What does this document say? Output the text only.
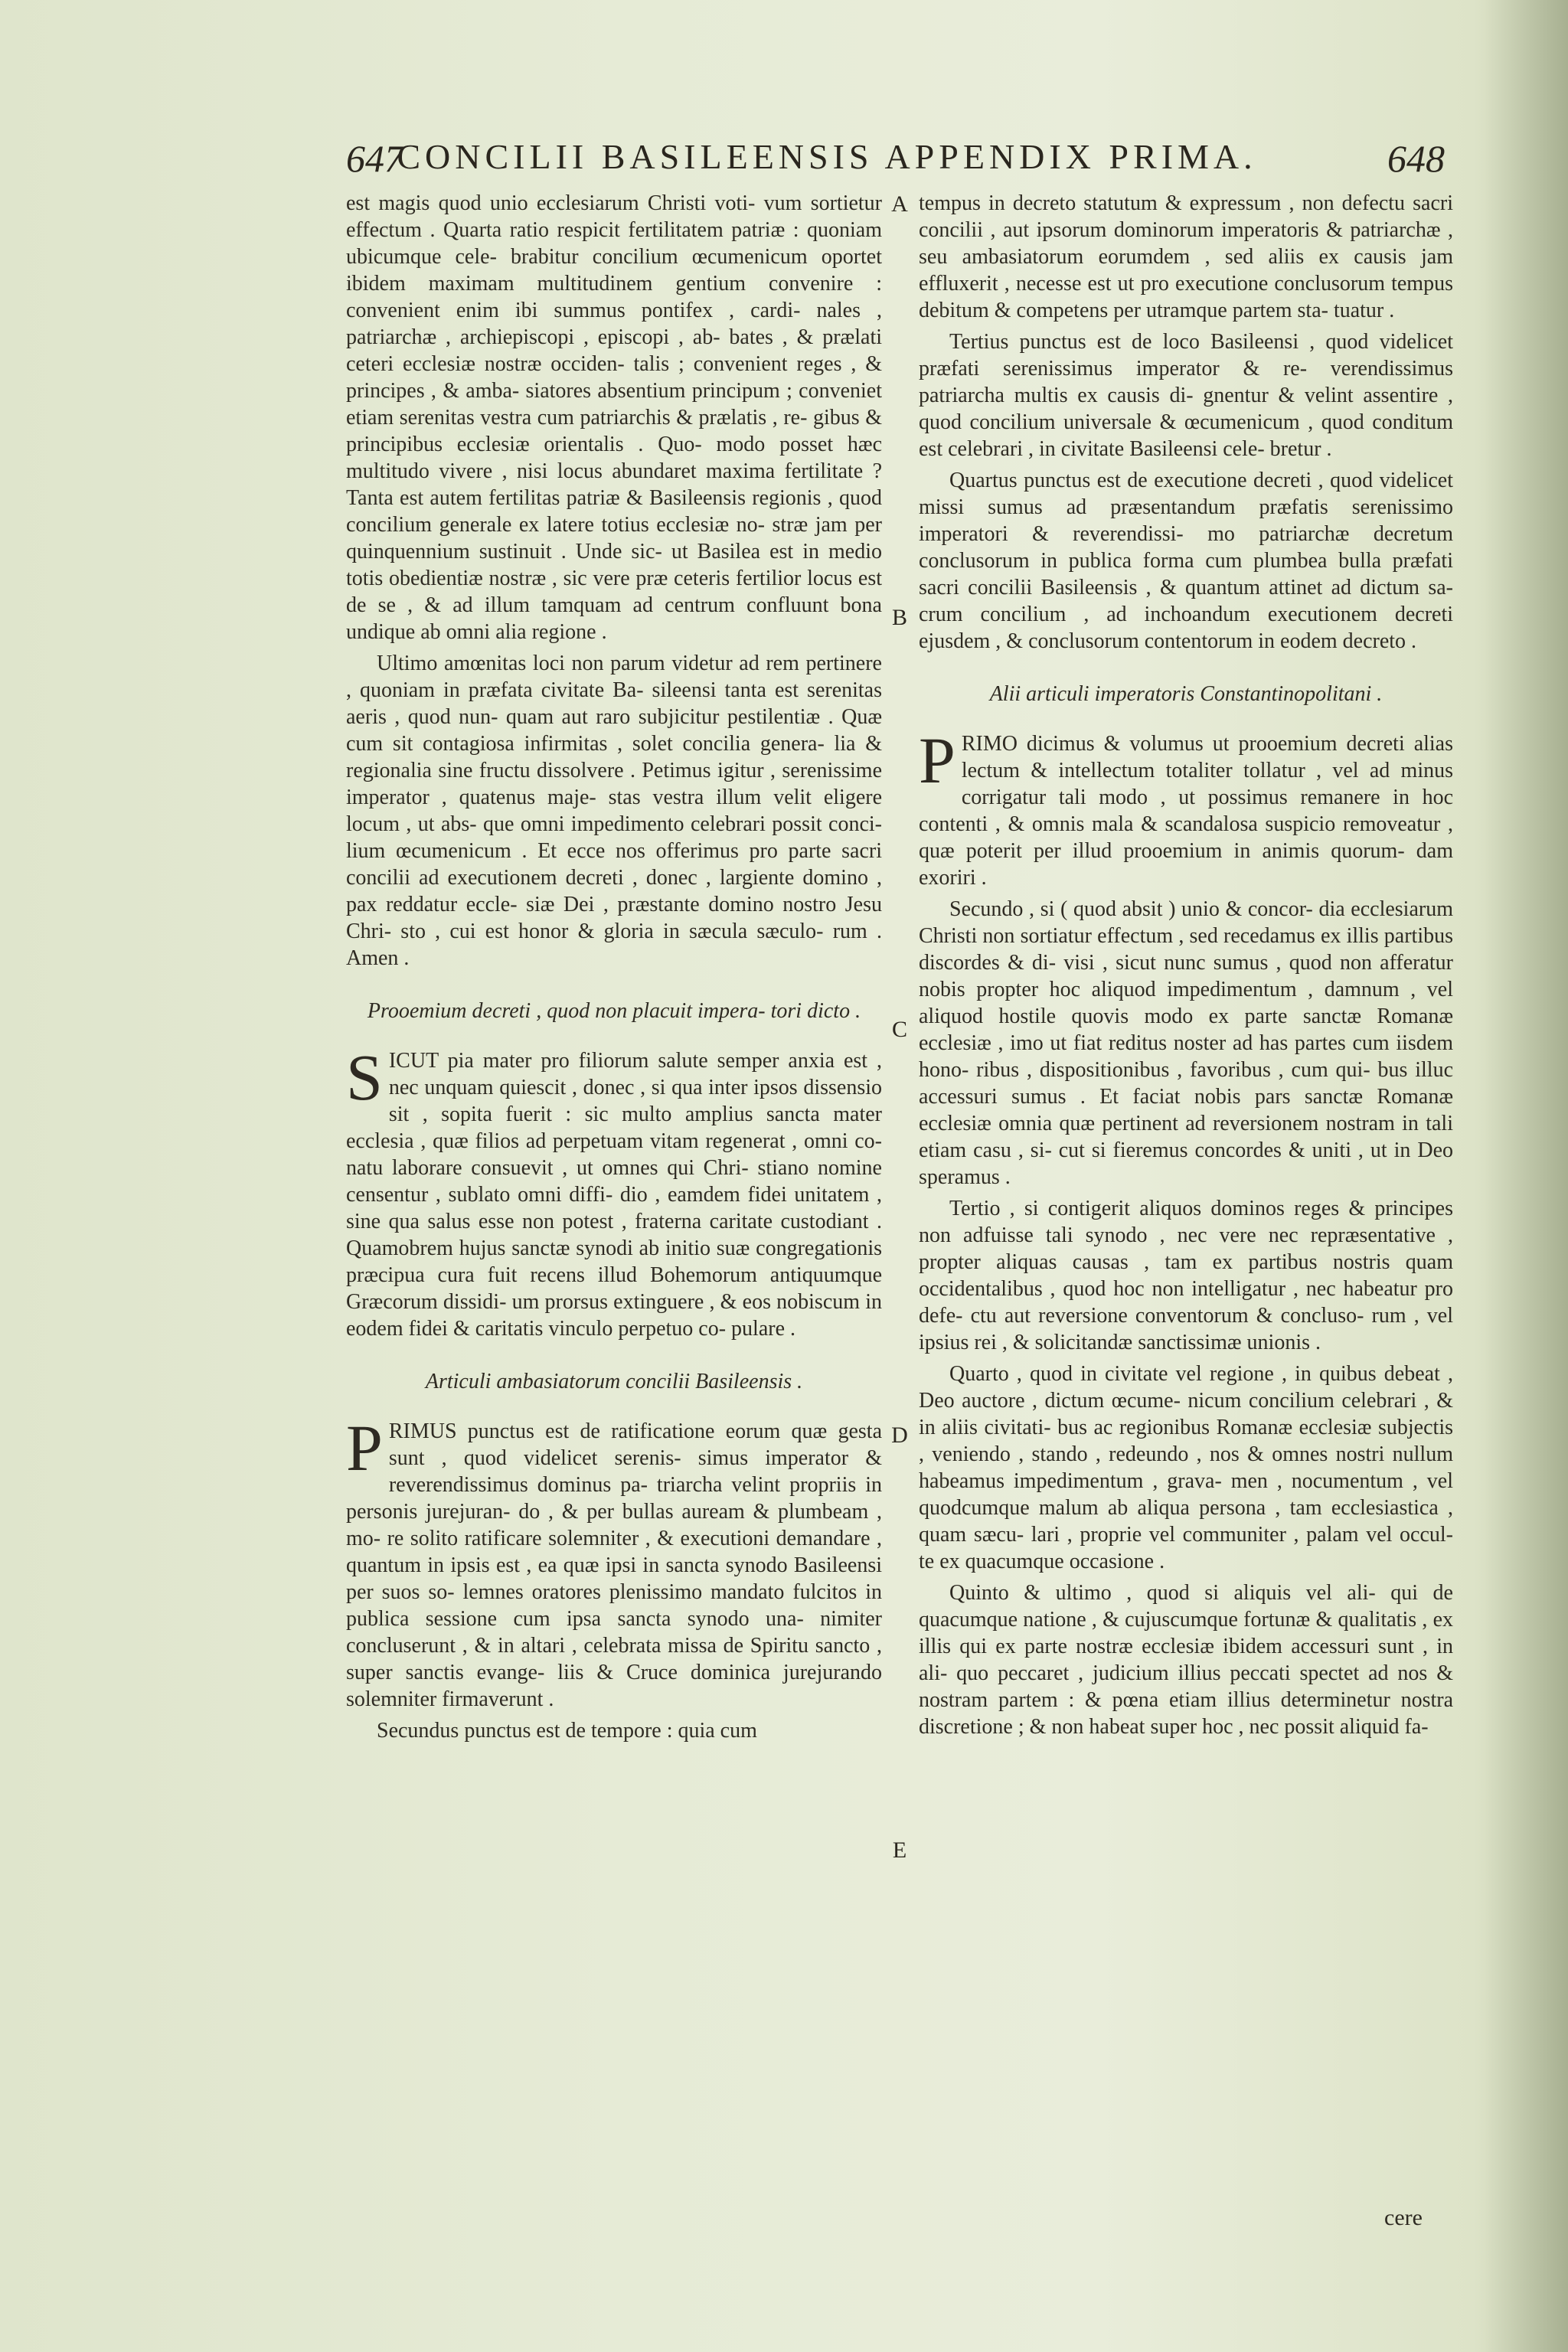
647
CONCILII BASILEENSIS APPENDIX PRIMA.	648
A
B
C
D
E

est magis quod unio ecclesiarum Christi voti- vum sortietur effectum . Quarta ratio respicit fertilitatem patriæ : quoniam ubicumque cele- brabitur concilium œcumenicum oportet ibidem maximam multitudinem gentium convenire : convenient enim ibi summus pontifex , cardi- nales , patriarchæ , archiepiscopi , episcopi , ab- bates , & prælati ceteri ecclesiæ nostræ occiden- talis ; convenient reges , & principes , & amba- siatores absentium principum ; conveniet etiam serenitas vestra cum patriarchis & prælatis , re- gibus & principibus ecclesiæ orientalis . Quo- modo posset hæc multitudo vivere , nisi locus abundaret maxima fertilitate ? Tanta est autem fertilitas patriæ & Basileensis regionis , quod concilium generale ex latere totius ecclesiæ no- stræ jam per quinquennium sustinuit . Unde sic- ut Basilea est in medio totis obedientiæ nostræ , sic vere præ ceteris fertilior locus est de se , & ad illum tamquam ad centrum confluunt bona undique ab omni alia regione .

Ultimo amœnitas loci non parum videtur ad rem pertinere , quoniam in præfata civitate Ba- sileensi tanta est serenitas aeris , quod nun- quam aut raro subjicitur pestilentiæ . Quæ cum sit contagiosa infirmitas , solet concilia genera- lia & regionalia sine fructu dissolvere . Petimus igitur , serenissime imperator , quatenus maje- stas vestra illum velit eligere locum , ut abs- que omni impedimento celebrari possit conci- lium œcumenicum . Et ecce nos offerimus pro parte sacri concilii ad executionem decreti , donec , largiente domino , pax reddatur eccle- siæ Dei , præstante domino nostro Jesu Chri- sto , cui est honor & gloria in sæcula sæculo- rum . Amen .

Prooemium decreti , quod non placuit impera- tori dicto .

SICUT pia mater pro filiorum salute semper anxia est , nec unquam quiescit , donec , si qua inter ipsos dissensio sit , sopita fuerit : sic multo amplius sancta mater ecclesia , quæ filios ad perpetuam vitam regenerat , omni co- natu laborare consuevit , ut omnes qui Chri- stiano nomine censentur , sublato omni diffi- dio , eamdem fidei unitatem , sine qua salus esse non potest , fraterna caritate custodiant . Quamobrem hujus sanctæ synodi ab initio suæ congregationis præcipua cura fuit recens illud Bohemorum antiquumque Græcorum dissidi- um prorsus extinguere , & eos nobiscum in eodem fidei & caritatis vinculo perpetuo co- pulare .

Articuli ambasiatorum concilii Basileensis .

PRIMUS punctus est de ratificatione eorum quæ gesta sunt , quod videlicet serenis- simus imperator & reverendissimus dominus pa- triarcha velint propriis in personis jurejuran- do , & per bullas auream & plumbeam , mo- re solito ratificare solemniter , & executioni demandare , quantum in ipsis est , ea quæ ipsi in sancta synodo Basileensi per suos so- lemnes oratores plenissimo mandato fulcitos in publica sessione cum ipsa sancta synodo una- nimiter concluserunt , & in altari , celebrata missa de Spiritu sancto , super sanctis evange- liis & Cruce dominica jurejurando solemniter firmaverunt .

Secundus punctus est de tempore : quia cum

tempus in decreto statutum & expressum , non defectu sacri concilii , aut ipsorum dominorum imperatoris & patriarchæ , seu ambasiatorum eorumdem , sed aliis ex causis jam effluxerit , necesse est ut pro executione conclusorum tempus debitum & competens per utramque partem sta- tuatur .

Tertius punctus est de loco Basileensi , quod videlicet præfati serenissimus imperator & re- verendissimus patriarcha multis ex causis di- gnentur & velint assentire , quod concilium universale & œcumenicum , quod conditum est celebrari , in civitate Basileensi cele- bretur .

Quartus punctus est de executione decreti , quod videlicet missi sumus ad præsentandum præfatis serenissimo imperatori & reverendissi- mo patriarchæ decretum conclusorum in publica forma cum plumbea bulla præfati sacri concilii Basileensis , & quantum attinet ad dictum sa- crum concilium , ad inchoandum executionem decreti ejusdem , & conclusorum contentorum in eodem decreto .

Alii articuli imperatoris Constantinopolitani .

PRIMO dicimus & volumus ut prooemium decreti alias lectum & intellectum totaliter tollatur , vel ad minus corrigatur tali modo , ut possimus remanere in hoc contenti , & omnis mala & scandalosa suspicio removeatur , quæ poterit per illud prooemium in animis quorum- dam exoriri .

Secundo , si ( quod absit ) unio & concor- dia ecclesiarum Christi non sortiatur effectum , sed recedamus ex illis partibus discordes & di- visi , sicut nunc sumus , quod non afferatur nobis propter hoc aliquod impedimentum , damnum , vel aliquod hostile quovis modo ex parte sanctæ Romanæ ecclesiæ , imo ut fiat reditus noster ad has partes cum iisdem hono- ribus , dispositionibus , favoribus , cum qui- bus illuc accessuri sumus . Et faciat nobis pars sanctæ Romanæ ecclesiæ omnia quæ pertinent ad reversionem nostram in tali etiam casu , si- cut si fieremus concordes & uniti , ut in Deo speramus .

Tertio , si contigerit aliquos dominos reges & principes non adfuisse tali synodo , nec vere nec repræsentative , propter aliquas causas , tam ex partibus nostris quam occidentalibus , quod hoc non intelligatur , nec habeatur pro defe- ctu aut reversione conventorum & concluso- rum , vel ipsius rei , & solicitandæ sanctissimæ unionis .

Quarto , quod in civitate vel regione , in quibus debeat , Deo auctore , dictum œcume- nicum concilium celebrari , & in aliis civitati- bus ac regionibus Romanæ ecclesiæ subjectis , veniendo , stando , redeundo , nos & omnes nostri nullum habeamus impedimentum , grava- men , nocumentum , vel quodcumque malum ab aliqua persona , tam ecclesiastica , quam sæcu- lari , proprie vel communiter , palam vel occul- te ex quacumque occasione .

Quinto & ultimo , quod si aliquis vel ali- qui de quacumque natione , & cujuscumque fortunæ & qualitatis , ex illis qui ex parte nostræ ecclesiæ ibidem accessuri sunt , in ali- quo peccaret , judicium illius peccati spectet ad nos & nostram partem : & pœna etiam illius determinetur nostra discretione ; & non habeat super hoc , nec possit aliquid fa-

cere
